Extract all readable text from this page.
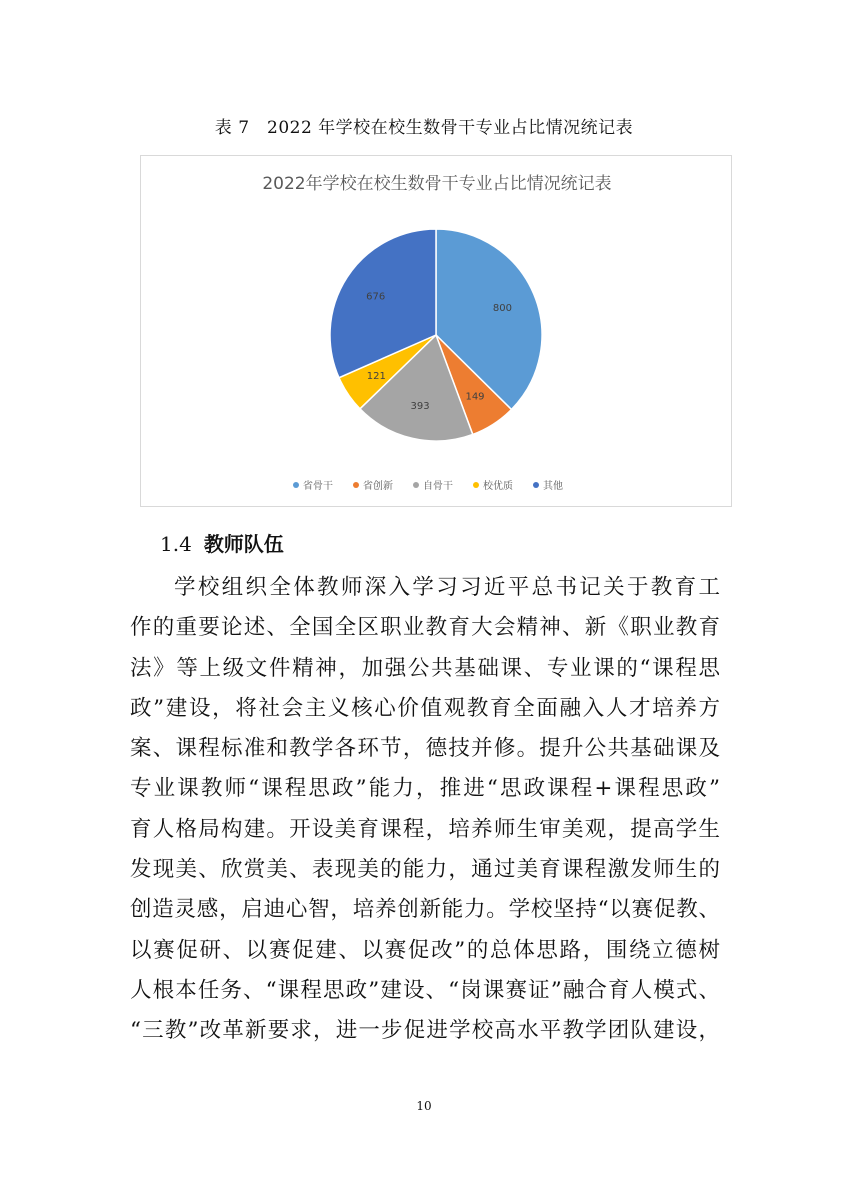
表 7　2022 年学校在校生数骨干专业占比情况统记表
2022年学校在校生数骨干专业占比情况统记表
800
149
393
121
676
省骨干	省创新	自骨干	校优质	其他
1.4 教师队伍
学校组织全体教师深入学习习近平总书记关于教育工
作的重要论述、全国全区职业教育大会精神、新《职业教育
法》等上级文件精神，加强公共基础课、专业课的“课程思
政”建设，将社会主义核心价值观教育全面融入人才培养方
案、课程标准和教学各环节，德技并修。提升公共基础课及
专业课教师“课程思政”能力，推进“思政课程+课程思政”
育人格局构建。开设美育课程，培养师生审美观，提高学生
发现美、欣赏美、表现美的能力，通过美育课程激发师生的
创造灵感，启迪心智，培养创新能力。学校坚持“以赛促教、
以赛促研、以赛促建、以赛促改”的总体思路，围绕立德树
人根本任务、“课程思政”建设、“岗课赛证”融合育人模式、
“三教”改革新要求，进一步促进学校高水平教学团队建设，
10
